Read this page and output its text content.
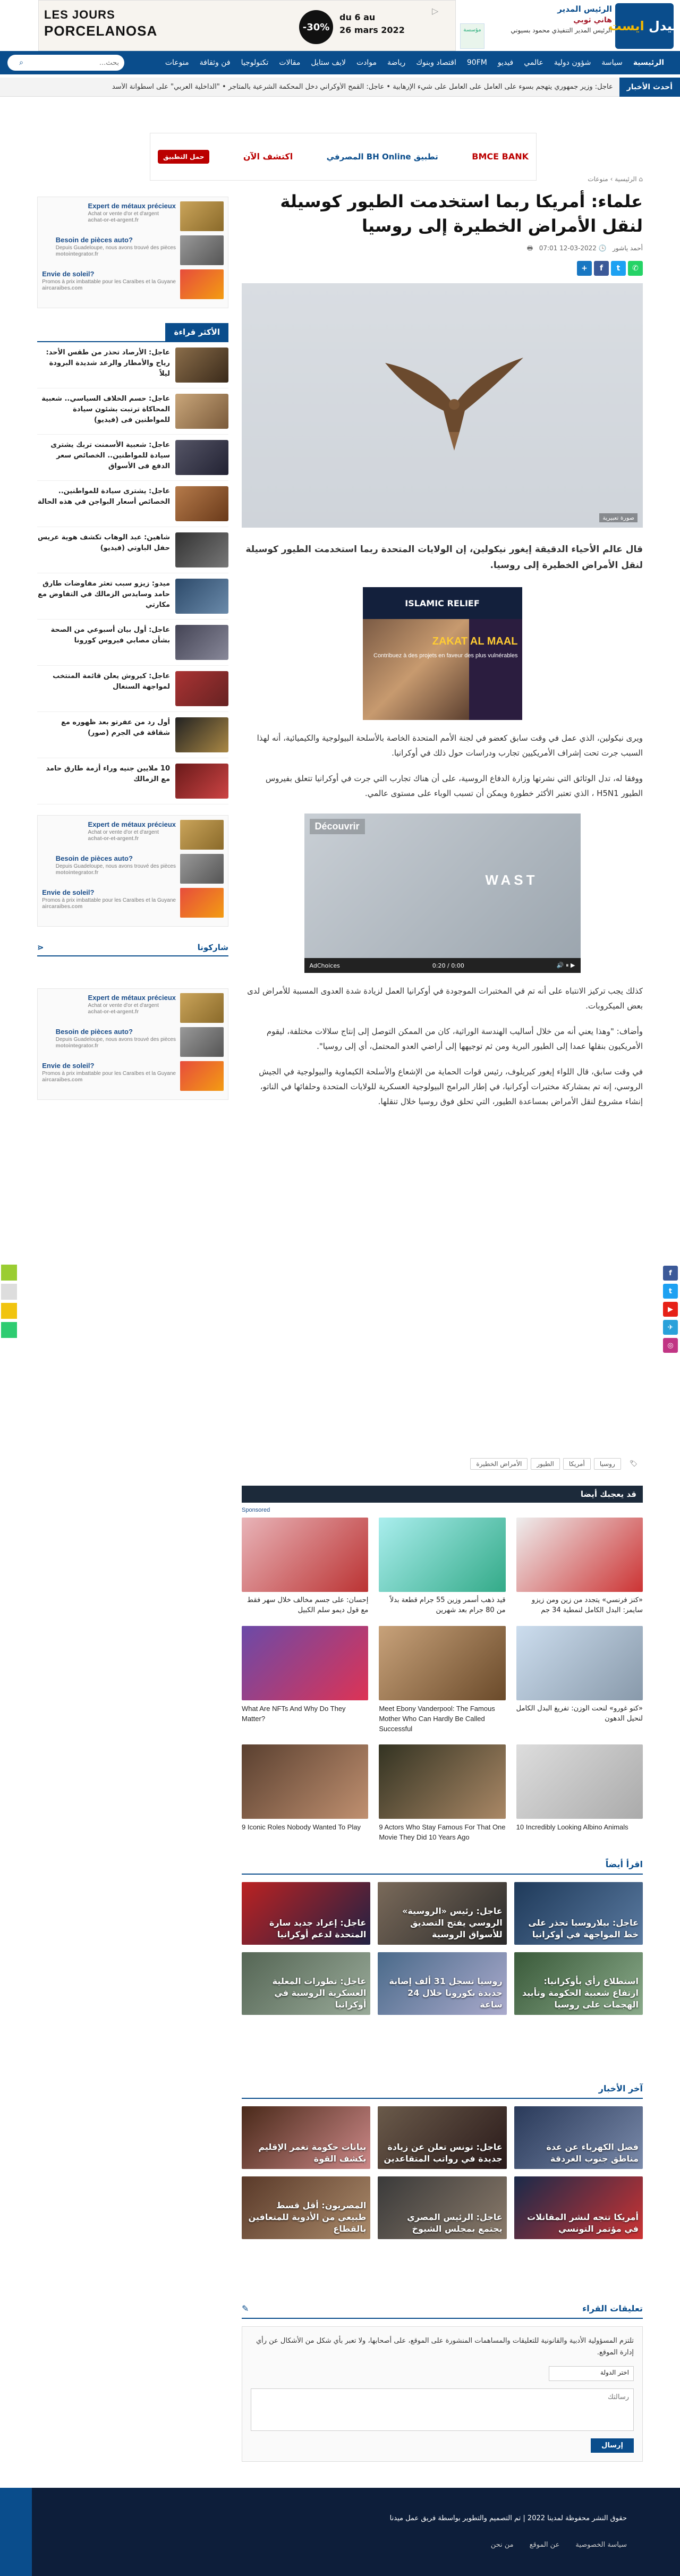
LES JOURS
PORCELANOSA	-30%
du 6 au
26 mars 2022
▷
مؤسسة
الرئيس المدير
هاني ثوبي
الرئيس المدير التنفيذي محمود بسيوني
ايست
ميدل
الرئيسية
سياسة
شؤون دولية
عالمي
فيديو
90FM
اقتصاد وبنوك
رياضة
موادت
لايف ستايل
مقالات
تكنولوجيا
فن وثقافة
منوعات
بحث...
⌕
أحدث الأخبار
عاجل: وزير جمهوري يتهجم بسوء على العامل على العامل على شيء الإرهابية • عاجل: القمح الأوكراني دخل المحكمة الشرعية بالمتاجر • "الداخلية العربي" على اسطوانة الأسد
BMCE BANK
تطبيق BH Online المصرفي
اكتشف الآن
حمل التطبيق
⌂ الرئيسية › منوعات
علماء: أمريكا ربما استخدمت الطيور كوسيلة لنقل الأمراض الخطيرة إلى روسيا
أحمد ياشور   🕓 2022-03-12 07:01   🖶
✆
t
f
+
صورة تعبيرية

قال عالم الأحياء الدقيقة إيغور نيكولين، إن الولايات المتحدة ربما استخدمت الطيور كوسيلة لنقل الأمراض الخطيرة إلى روسيا.

ISLAMIC RELIEF
ZAKAT AL MAAL
Contribuez à des projets en faveur des plus vulnérables

ويرى نيكولين، الذي عمل في وقت سابق كعضو في لجنة الأمم المتحدة الخاصة بالأسلحة البيولوجية والكيميائية، أنه لهذا السبب جرت تحت إشراف الأمريكيين تجارب ودراسات حول ذلك في أوكرانيا.

ووفقا له، تدل الوثائق التي نشرتها وزارة الدفاع الروسية، على أن هناك تجارب التي جرت في أوكرانيا تتعلق بفيروس الطيور H5N1 ، الذي تعتبر الأكثر خطورة ويمكن أن تسبب الوباء على مستوى عالمي.

Découvrir
WAST
▶ ⏸ 🔊
0:00 / 0:20
AdChoices

كذلك يجب تركيز الانتباه على أنه تم في المختبرات الموجودة في أوكرانيا العمل لزيادة شدة العدوى المسببة للأمراض لدى بعض الميكروبات.

وأضاف: "وهذا يعني أنه من خلال أساليب الهندسة الوراثية، كان من الممكن التوصل إلى إنتاج سلالات مختلفة، ليقوم الأمريكيون بنقلها عمدا إلى الطيور البرية ومن ثم توجيهها إلى أراضي العدو المحتمل، أي إلى روسيا".

في وقت سابق، قال اللواء إيغور كيريلوف، رئيس قوات الحماية من الإشعاع والأسلحة الكيماوية والبيولوجية في الجيش الروسي، إنه تم بمشاركة مختبرات أوكرانيا، في إطار البرامج البيولوجية العسكرية للولايات المتحدة وحلفائها في الناتو، إنشاء مشروع لنقل الأمراض بمساعدة الطيور، التي تحلق فوق روسيا خلال تنقلها.

Expert de métaux précieux
Achat or vente d'or et d'argent
achat-or-et-argent.fr
Besoin de pièces auto?
Depuis Guadeloupe, nous avons trouvé des pièces
motointegrator.fr
Envie de soleil?
Promos à prix imbattable pour les Caraïbes et la Guyane
aircaraibes.com
الأكثر قراءة
عاجل: الأرصاد تحذر من طقس الأحد: رياح والأمطار والرعد شديدة البرودة ليلاً
عاجل: حسم الخلاف السياسي.. شعبية المحاكاة ترتبت بشئون سيادة للمواطنين فى (فيديو)
عاجل: شعبية الأسمنت تربك يشترى سيادة للمواطنين.. الخصائص سعر الدفع فى الأسواق
عاجل: يشترى سيادة للمواطنين.. الخصائص أسعار البواجن في هذه الحالة
شاهين: عبد الوهاب تكشف هوية عريس حفل الباوتي (فيديو)
ميدو: زيزو سبب تعثر مفاوضات طارق حامد وسايدس الزمالك في التفاوض مع مكارتي
عاجل: أول بيان أسبوعي من الصحة بشأن مصابي فيروس كورونا
عاجل: كيروش يعلن قائمة المنتخب لمواجهة السنغال
أول رد من عفرتو بعد ظهوره مع شقاقة في الجرم (صور)
10 ملايين جنيه وراء أزمة طارق حامد مع الزمالك
Expert de métaux précieux
Achat or vente d'or et d'argent
achat-or-et-argent.fr
Besoin de pièces auto?
Depuis Guadeloupe, nous avons trouvé des pièces
motointegrator.fr
Envie de soleil?
Promos à prix imbattable pour les Caraïbes et la Guyane
aircaraibes.com
شاركونا
⋖
Expert de métaux précieux
Achat or vente d'or et d'argent
achat-or-et-argent.fr
Besoin de pièces auto?
Depuis Guadeloupe, nous avons trouvé des pièces
motointegrator.fr
Envie de soleil?
Promos à prix imbattable pour les Caraïbes et la Guyane
aircaraibes.com
f
t
▶
✈
◎
🏷
روسيا
أمريكا
الطيور
الأمراض الخطيرة
قد يعجبك أيضا
Sponsored
إحسان: على جسم مخالف خلال سهر فقط مع قول ديمو سلم الكبيل
قيد ذهب أسمر وزين 55 جرام قطعة بدلاً من 80 جرام بعد شهرين
«كنز فرنسي» يتجدد من زين ومن زيزو سايمر: البدل الكامل لنمطية 34 جم
What Are NFTs And Why Do They Matter?
Meet Ebony Vanderpool: The Famous Mother Who Can Hardly Be Called Successful
«كنو غورو» لنحت الوزن: تفريغ البدل الكامل لنحيل الدهون
9 Iconic Roles Nobody Wanted To Play	9 Actors Who Stay Famous For That One Movie They Did 10 Years Ago
10 Incredibly Looking Albino Animals
اقرأ أيضاً
عاجل: بيلاروسيا تحذر على خط المواجهة في أوكرانيا
عاجل: رئيس «الروسية» الروسي يفتح التصديق للأسواق الروسية
عاجل: إعراد جديد سارة المتحدة لدعم أوكرانيا
استطلاع رأي بأوكرانيا: ارتفاع شعبية الحكومة وتأييد الهجمات على روسيا
روسيا تسجل 31 ألف إصابة جديدة بكورونا خلال 24 ساعة
عاجل: تطورات المعلية العسكرية الروسية في أوكرانيا
آخر الأخبار
فصل الكهرباء عن عدة مناطق جنوب الغردقة
عاجل: تونس تعلن عن زيادة جديدة في رواتب المتقاعدين
بيانات حكومة تغمر الإقليم بكشف القوة
أمريكا تتجه لنشر المقاتلات في مؤتمر التونسي
عاجل: الرئيس المصري يجتمع بمجلس الشيوخ
المصريون: أقل قسط طبيعي من الأدوية للمتعافين بالقطاع
تعليقات القراء
✎
تلتزم المسؤولية الأدبية والقانونية للتعليقات والمساهمات المنشورة على الموقع، على أصحابها، ولا تعبر بأي شكل من الأشكال عن رأي إدارة الموقع.
اختر الدولة
رسالتك إرسال
حقوق النشر محفوظة لمدينا 2022 | تم التصميم والتطوير بواسطة فريق عمل ميدنا
سياسة الخصوصية
عن الموقع
من نحن
